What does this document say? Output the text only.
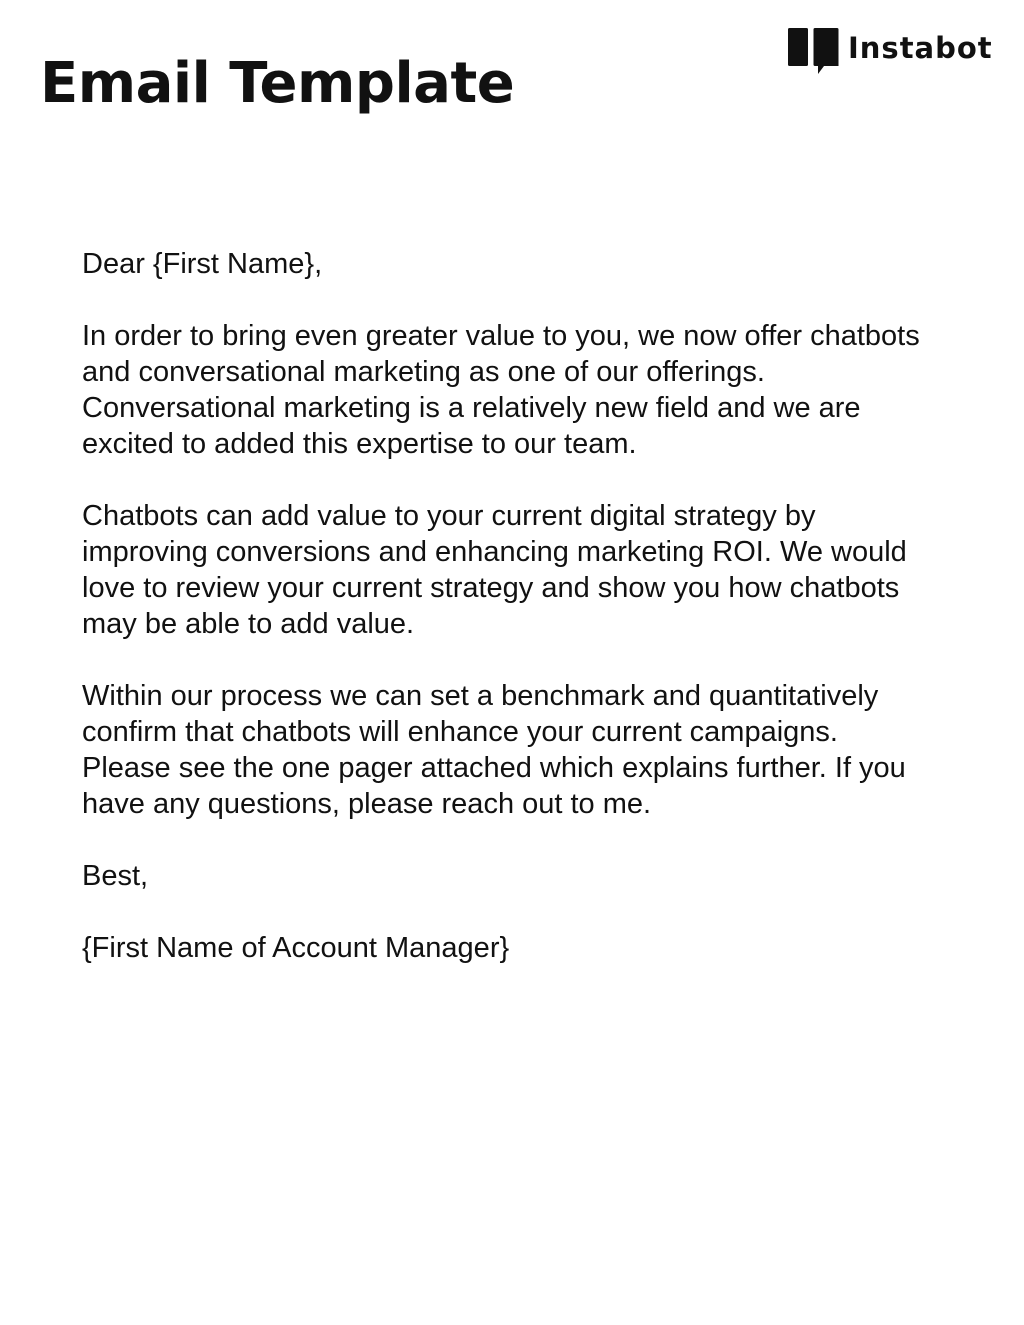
Email Template
Instabot

Dear {First Name},

In order to bring even greater value to you, we now offer chatbots and conversational marketing as one of our offerings. Conversational marketing is a relatively new field and we are excited to added this expertise to our team.

Chatbots can add value to your current digital strategy by improving conversions and enhancing marketing ROI. We would love to review your current strategy and show you how chatbots may be able to add value.

Within our process we can set a benchmark and quantitatively confirm that chatbots will enhance your current campaigns. Please see the one pager attached which explains further. If you have any questions, please reach out to me.

Best,

{First Name of Account Manager}
